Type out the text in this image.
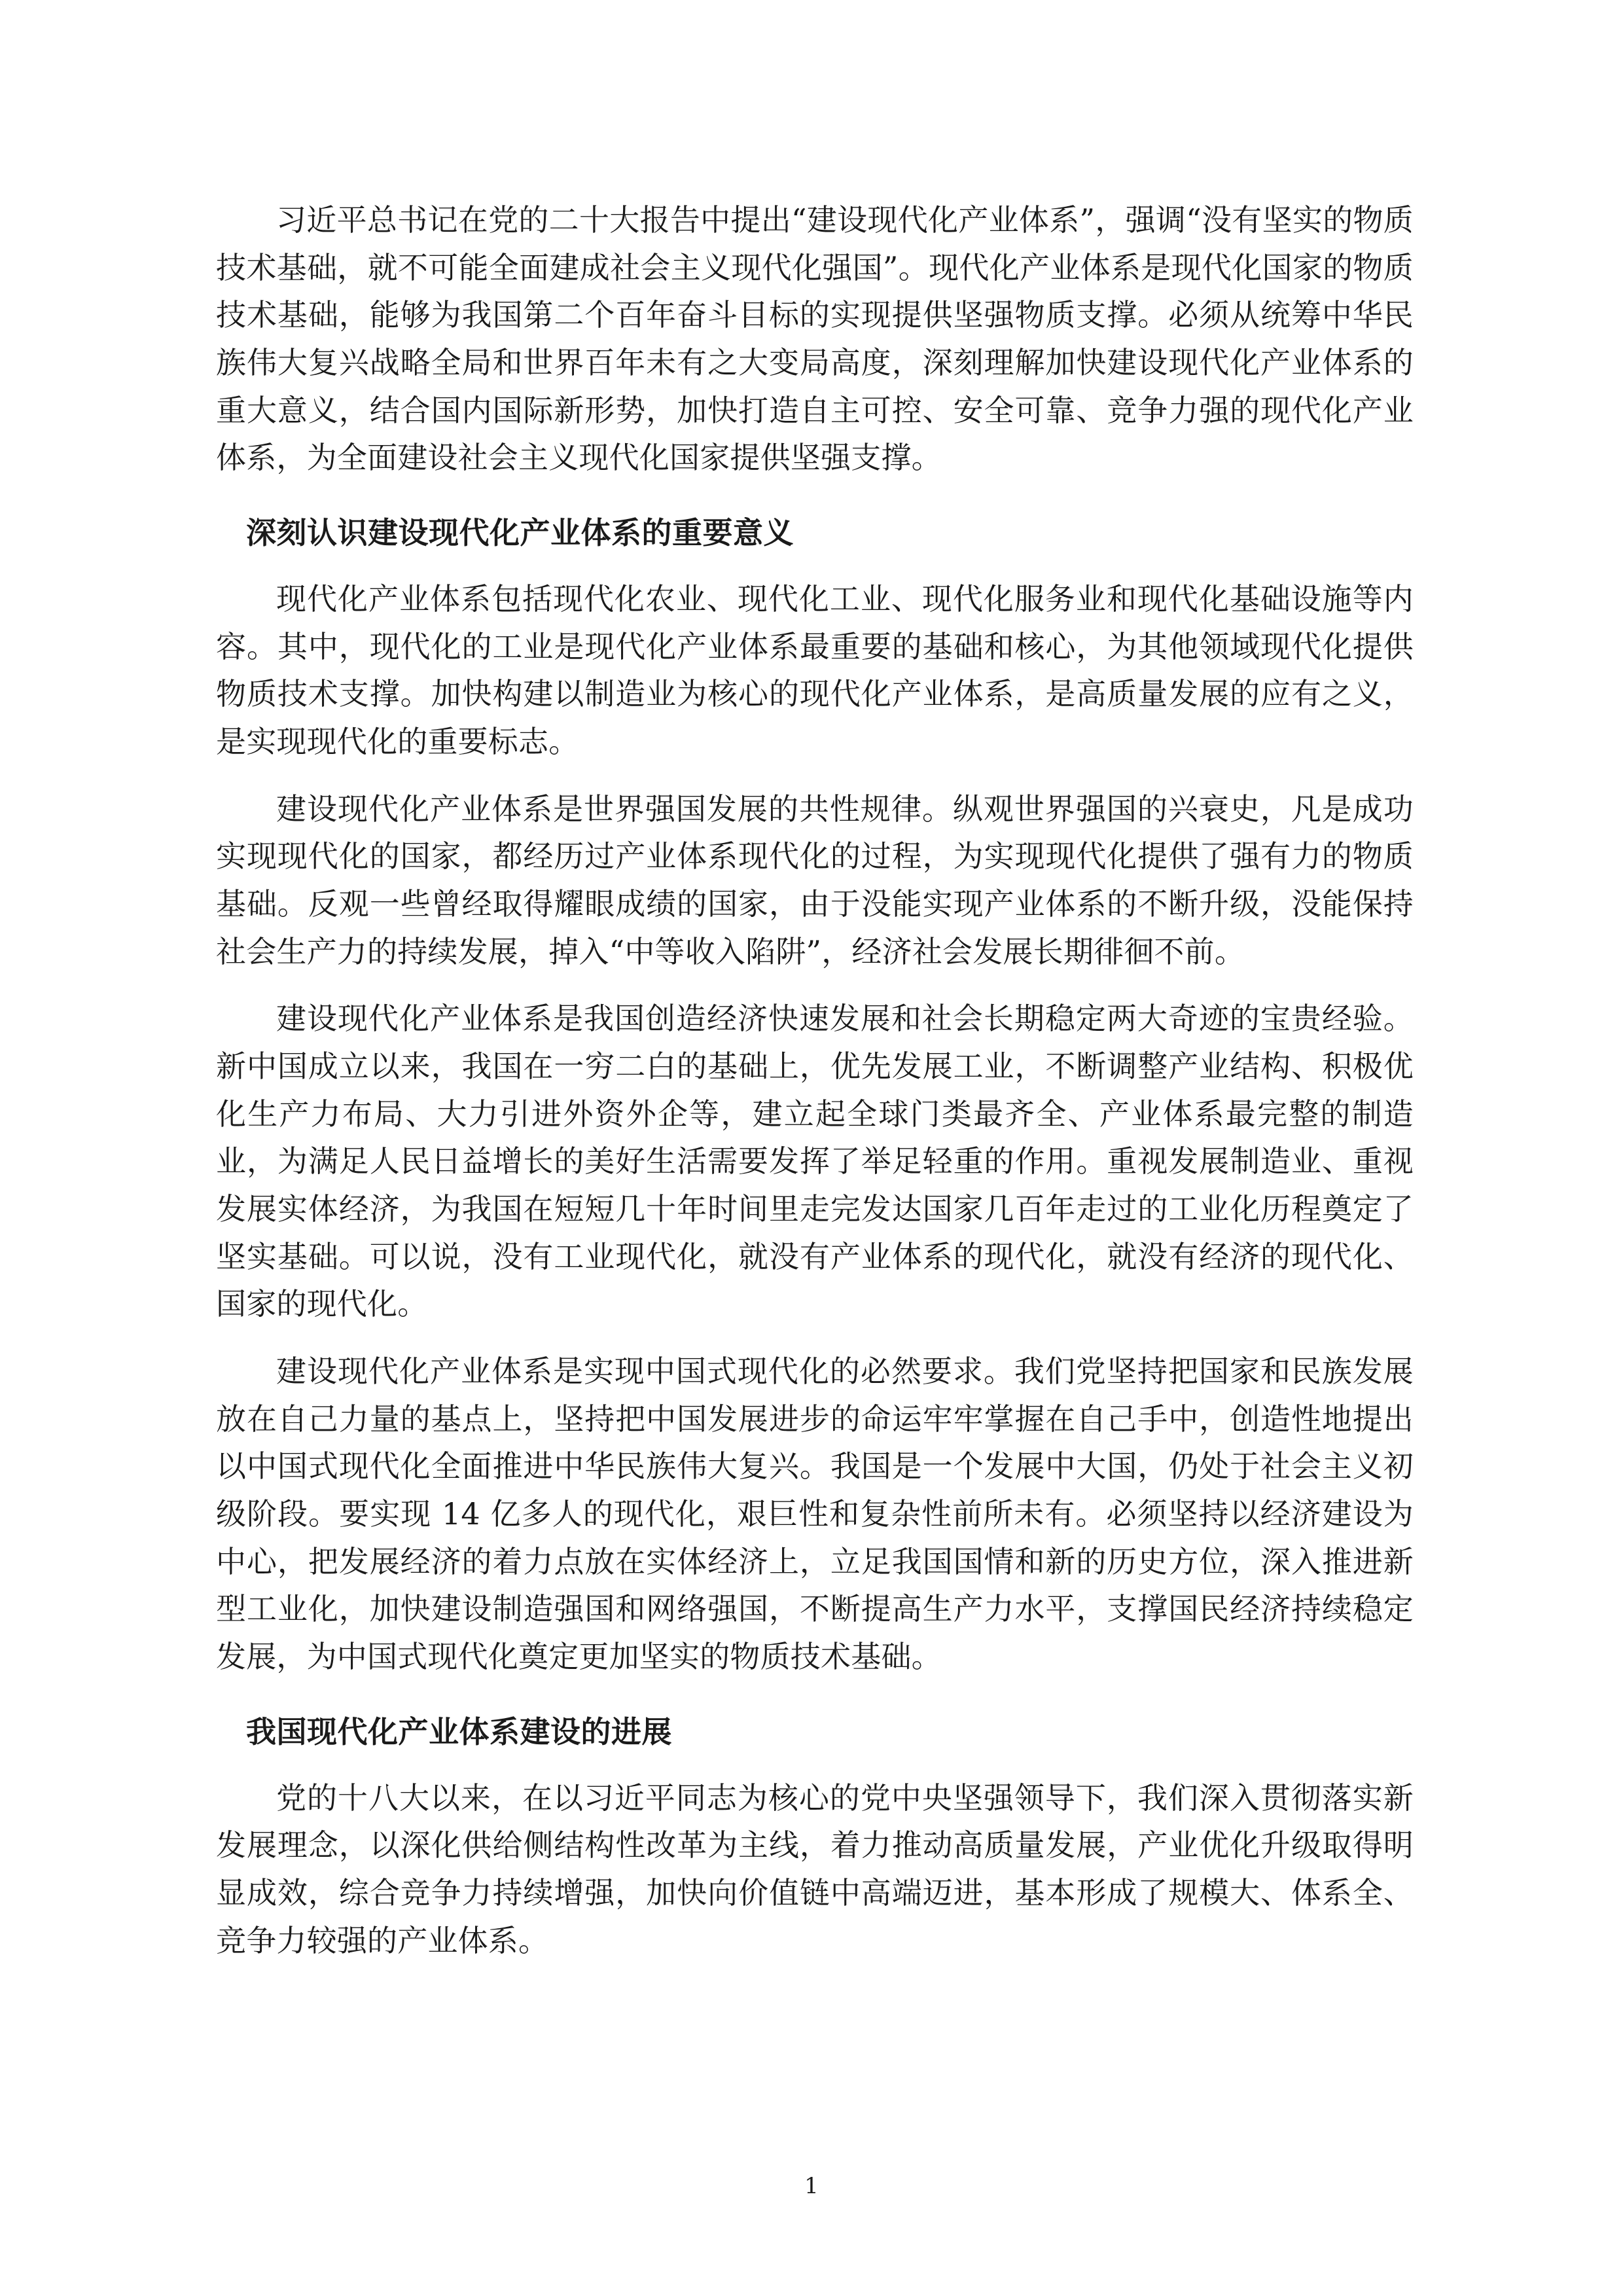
习近平总书记在党的二十大报告中提出“建设现代化产业体系”，强调“没有坚实的物质技术基础，就不可能全面建成社会主义现代化强国”。现代化产业体系是现代化国家的物质技术基础，能够为我国第二个百年奋斗目标的实现提供坚强物质支撑。必须从统筹中华民族伟大复兴战略全局和世界百年未有之大变局高度，深刻理解加快建设现代化产业体系的重大意义，结合国内国际新形势，加快打造自主可控、安全可靠、竞争力强的现代化产业体系，为全面建设社会主义现代化国家提供坚强支撑。

深刻认识建设现代化产业体系的重要意义

现代化产业体系包括现代化农业、现代化工业、现代化服务业和现代化基础设施等内容。其中，现代化的工业是现代化产业体系最重要的基础和核心，为其他领域现代化提供物质技术支撑。加快构建以制造业为核心的现代化产业体系，是高质量发展的应有之义，是实现现代化的重要标志。

建设现代化产业体系是世界强国发展的共性规律。纵观世界强国的兴衰史，凡是成功实现现代化的国家，都经历过产业体系现代化的过程，为实现现代化提供了强有力的物质基础。反观一些曾经取得耀眼成绩的国家，由于没能实现产业体系的不断升级，没能保持社会生产力的持续发展，掉入“中等收入陷阱”，经济社会发展长期徘徊不前。

建设现代化产业体系是我国创造经济快速发展和社会长期稳定两大奇迹的宝贵经验。新中国成立以来，我国在一穷二白的基础上，优先发展工业，不断调整产业结构、积极优化生产力布局、大力引进外资外企等，建立起全球门类最齐全、产业体系最完整的制造业，为满足人民日益增长的美好生活需要发挥了举足轻重的作用。重视发展制造业、重视发展实体经济，为我国在短短几十年时间里走完发达国家几百年走过的工业化历程奠定了坚实基础。可以说，没有工业现代化，就没有产业体系的现代化，就没有经济的现代化、国家的现代化。

建设现代化产业体系是实现中国式现代化的必然要求。我们党坚持把国家和民族发展放在自己力量的基点上，坚持把中国发展进步的命运牢牢掌握在自己手中，创造性地提出以中国式现代化全面推进中华民族伟大复兴。我国是一个发展中大国，仍处于社会主义初级阶段。要实现 14 亿多人的现代化，艰巨性和复杂性前所未有。必须坚持以经济建设为中心，把发展经济的着力点放在实体经济上，立足我国国情和新的历史方位，深入推进新型工业化，加快建设制造强国和网络强国，不断提高生产力水平，支撑国民经济持续稳定发展，为中国式现代化奠定更加坚实的物质技术基础。

我国现代化产业体系建设的进展

党的十八大以来，在以习近平同志为核心的党中央坚强领导下，我们深入贯彻落实新发展理念，以深化供给侧结构性改革为主线，着力推动高质量发展，产业优化升级取得明显成效，综合竞争力持续增强，加快向价值链中高端迈进，基本形成了规模大、体系全、竞争力较强的产业体系。

1
